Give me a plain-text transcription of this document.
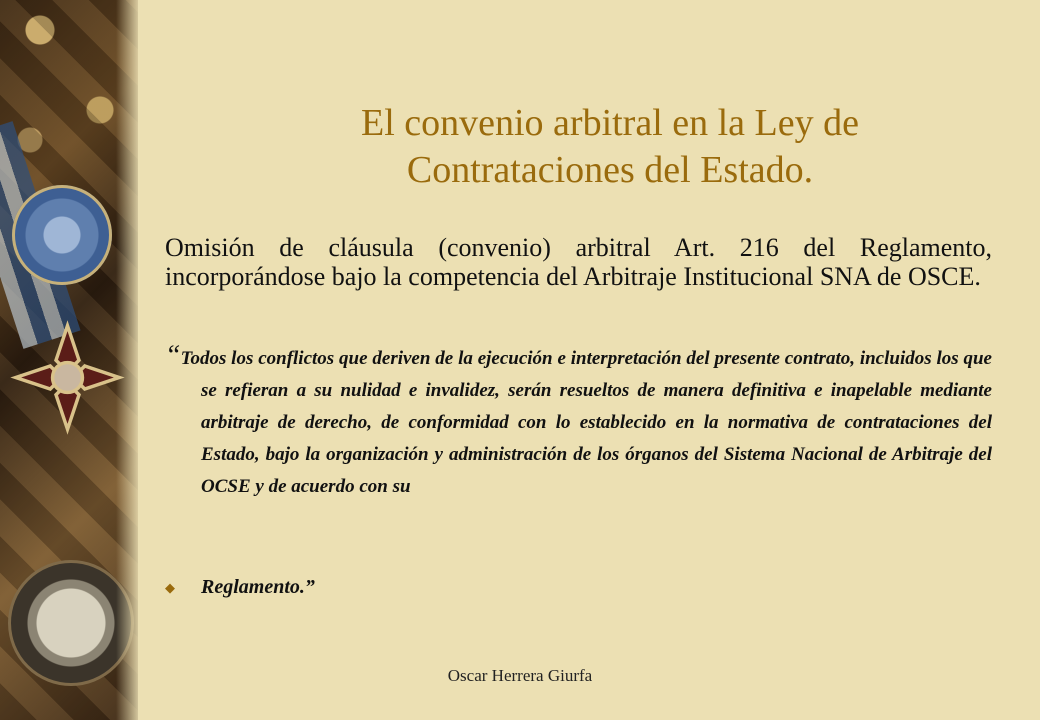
El convenio arbitral en la Ley de
Contrataciones del Estado.
Omisión de cláusula (convenio) arbitral Art. 216 del Reglamento, incorporándose bajo la competencia del Arbitraje Institucional SNA de OSCE.
“Todos los conflictos que deriven de la ejecución e interpretación del presente contrato, incluidos los que se refieran a su nulidad e invalidez, serán resueltos de manera definitiva e inapelable mediante arbitraje de derecho, de conformidad con lo establecido en la normativa de contrataciones del Estado, bajo la organización y administración de los órganos del Sistema Nacional de Arbitraje del OCSE y de acuerdo con su
◆	Reglamento.”
Oscar Herrera Giurfa
